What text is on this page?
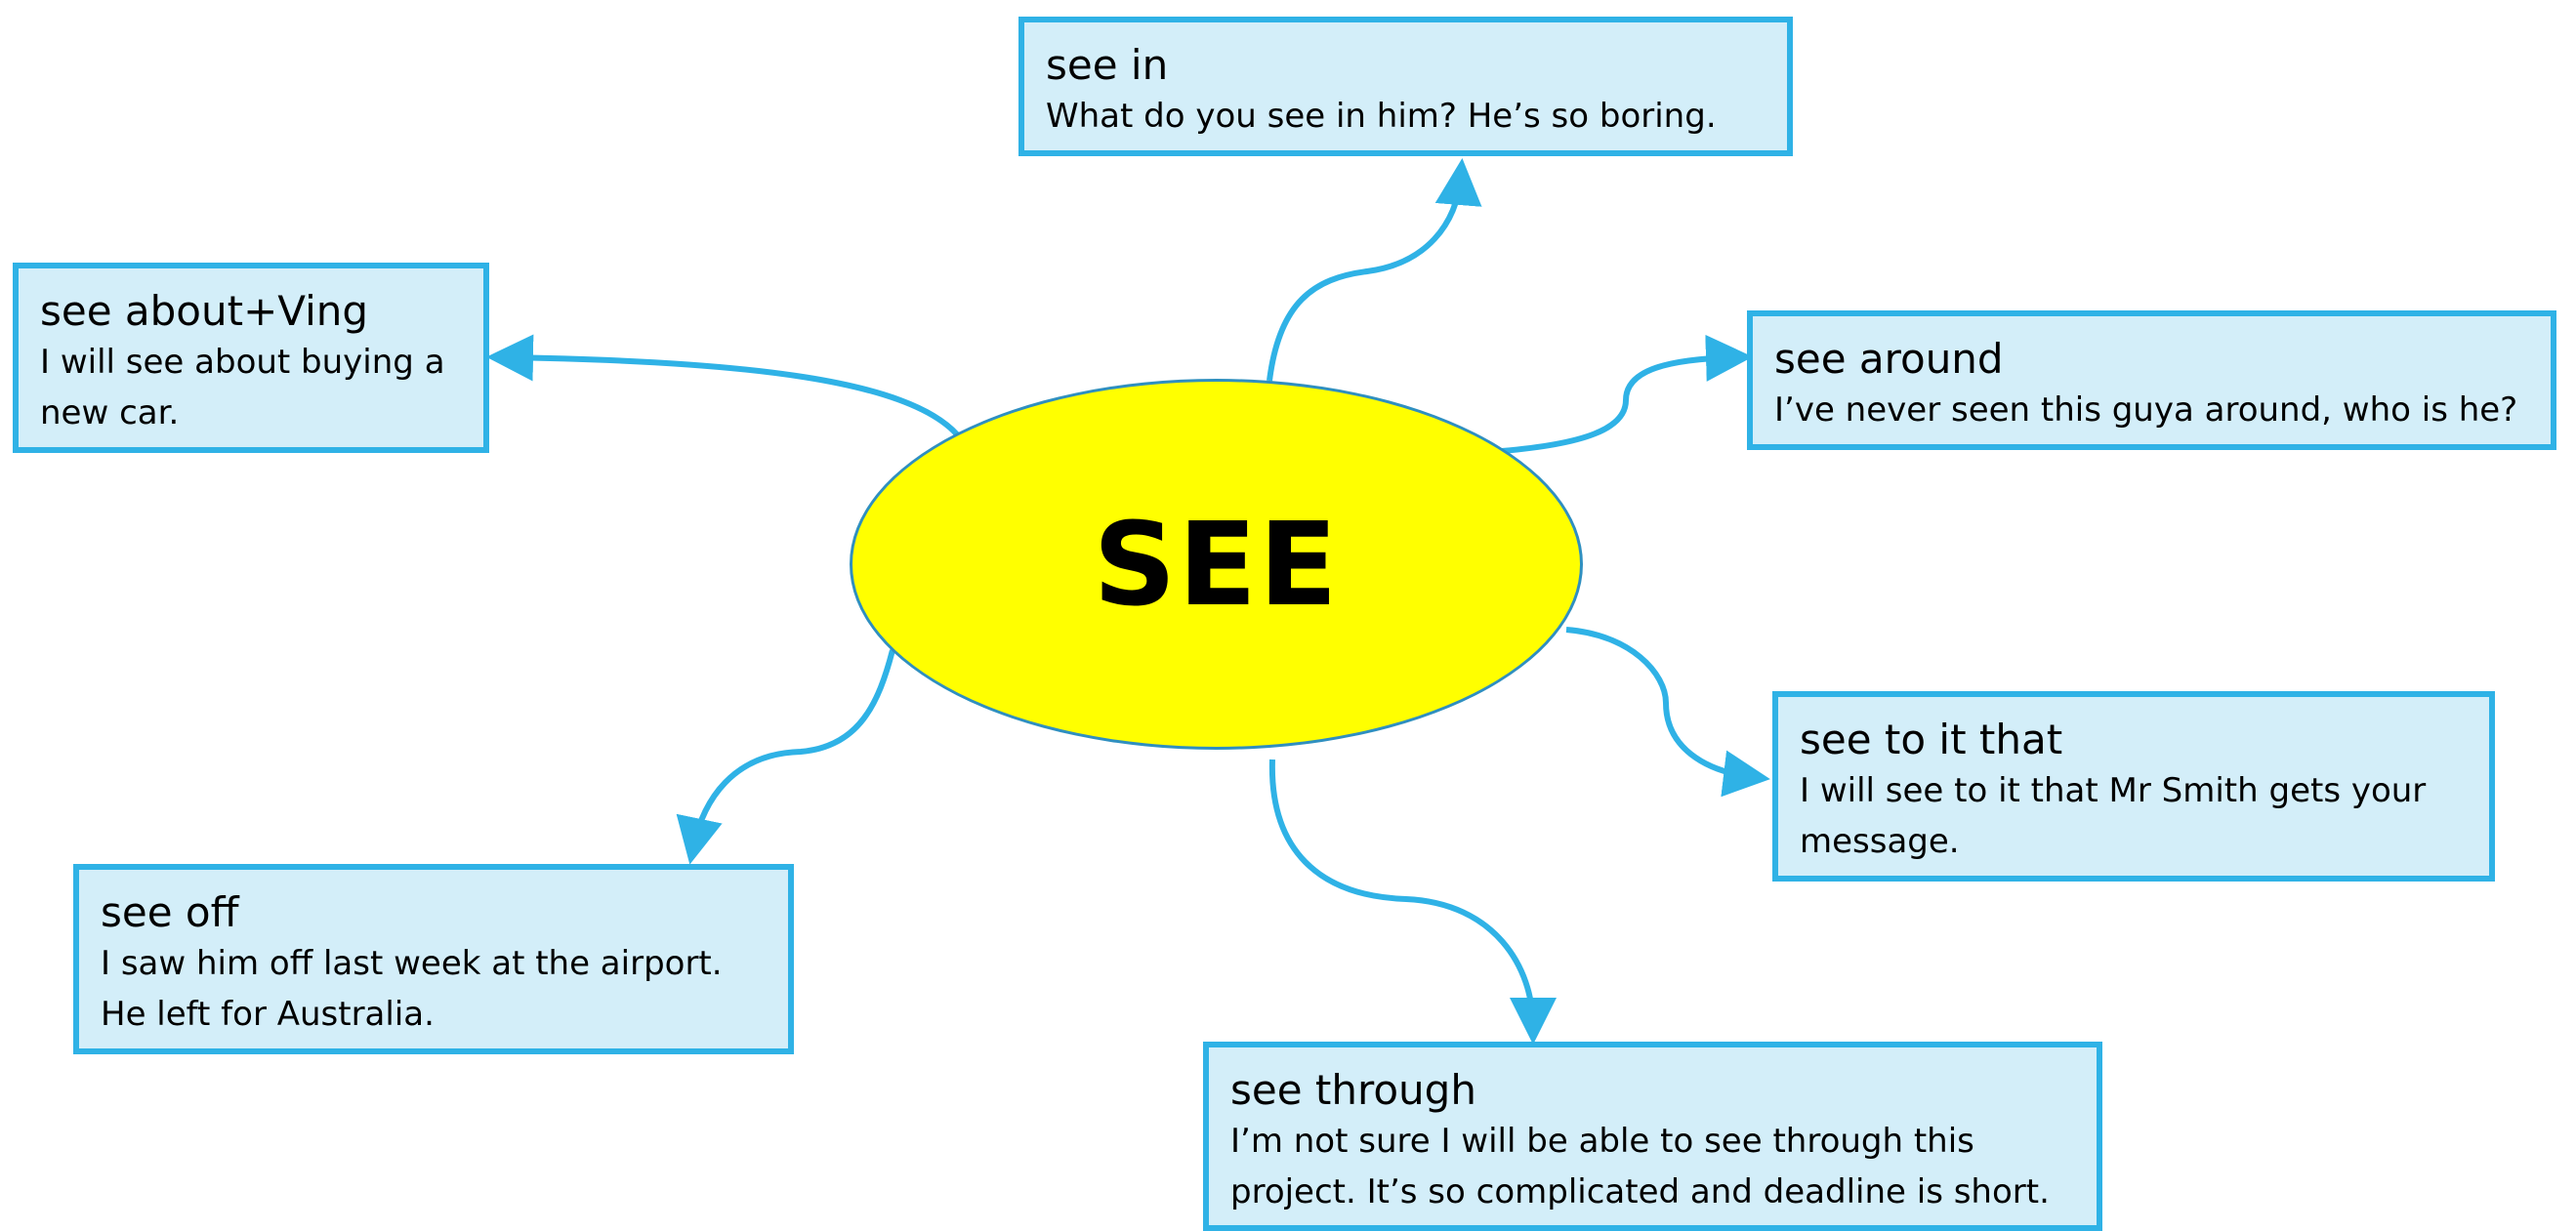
SEE
see in
What do you see in him? He’s so boring.
see about+Ving
I will see about buying a new car.
see around
I’ve never seen this guya around, who is he?
see to it that
I will see to it that Mr Smith gets your message.
see off
I saw him off last week at the airport. He left for Australia.
see through
I’m not sure I will be able to see through this project. It’s so complicated and deadline is short.
